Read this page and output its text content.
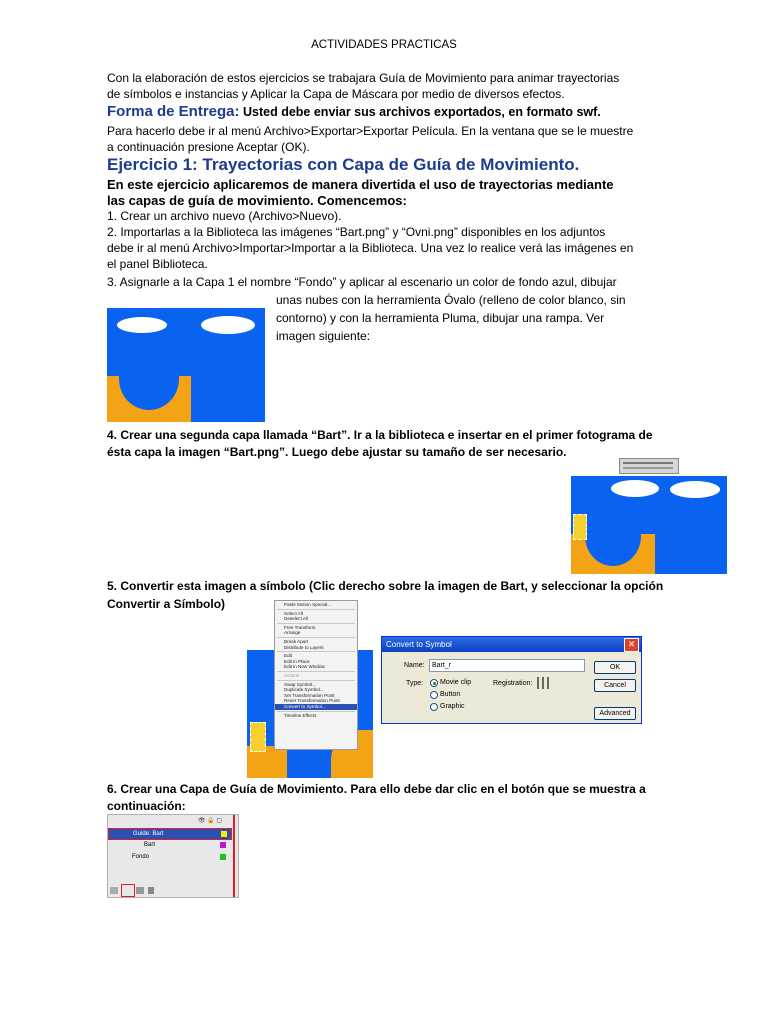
ACTIVIDADES PRACTICAS
Con la elaboración de estos ejercicios se trabajara Guía de Movimiento para animar trayectorias
de símbolos e instancias y Aplicar la Capa de Máscara por medio de diversos efectos.
Forma de Entrega: Usted debe enviar sus archivos exportados, en formato swf.
Para hacerlo debe ir al menú Archivo>Exportar>Exportar Película. En la ventana que se le muestre
a continuación presione Aceptar (OK).
Ejercicio 1: Trayectorias con Capa de Guía de Movimiento.
En este ejercicio aplicaremos de manera divertida el uso de trayectorias mediante
las capas de guía de movimiento. Comencemos:
1. Crear un archivo nuevo (Archivo>Nuevo).
2. Importarlas a la Biblioteca las imágenes “Bart.png” y “Ovni.png” disponibles en los adjuntos
debe ir al menú Archivo>Importar>Importar a la Biblioteca. Una vez lo realice verá las imágenes en
el panel Biblioteca.
3. Asignarle a la Capa 1 el nombre “Fondo” y aplicar al escenario un color de fondo azul, dibujar
unas nubes con la herramienta Óvalo (relleno de color blanco, sin
contorno) y con la herramienta Pluma, dibujar una rampa. Ver
imagen siguiente:
4. Crear una segunda capa llamada “Bart”. Ir a la biblioteca e insertar en el primer fotograma de
ésta capa la imagen “Bart.png”. Luego debe ajustar su tamaño de ser necesario.
5. Convertir esta imagen a símbolo (Clic derecho sobre la imagen de Bart, y seleccionar la opción
Convertir a Símbolo)	Paste Motion Special...
Select All
Deselect All
Free Transform
Arrange
Break Apart
Distribute to Layers
Edit
Edit in Place
Edit in New Window
Actions
Swap Symbol...
Duplicate Symbol...
Set Transformation Point
Reset Transformation Point
Convert to Symbol...
Timeline Effects
Convert to Symbol	✕
Name: Bart_r
Type: Movie clip
Button
Graphic
Registration:
OK
Cancel
Advanced
6. Crear una Capa de Guía de Movimiento. Para ello debe dar clic en el botón que se muestra a
continuación:
👁 🔒 ▢
Guide: Bart
Bart
Fondo
